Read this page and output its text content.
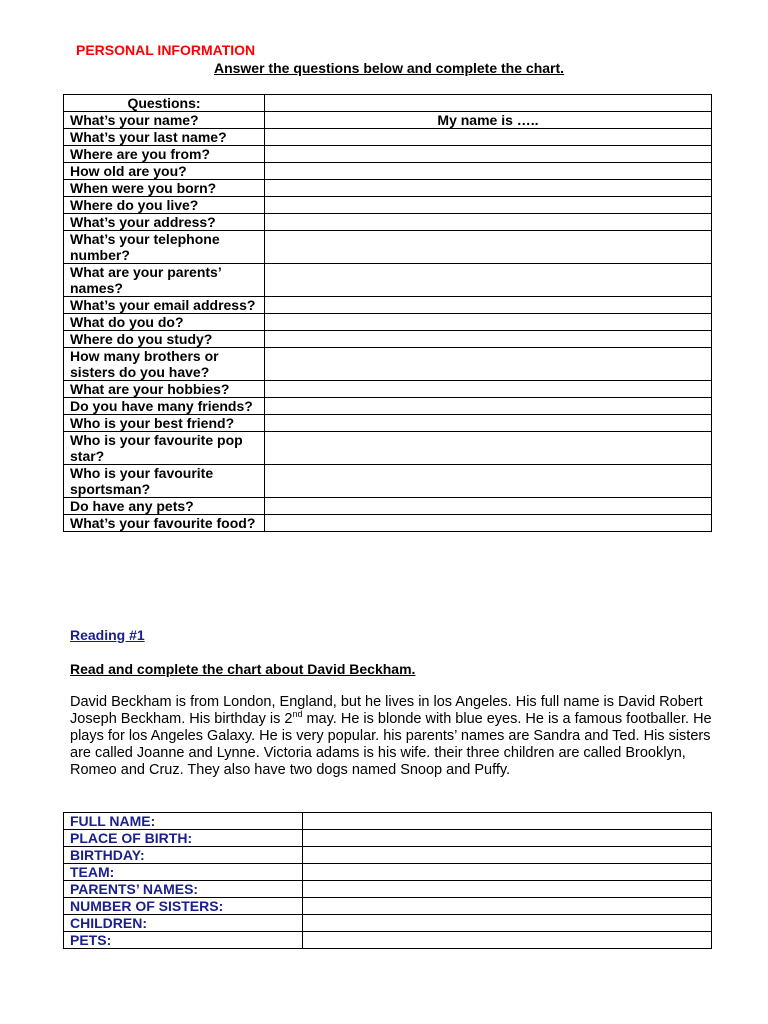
PERSONAL INFORMATION

Answer the questions below and complete the chart.

Questions:	
What’s your name?	My name is …..
What’s your last name?	
Where are you from?	
How old are you?	
When were you born?	
Where do you live?	
What’s your address?	
What’s your telephone number?	
What are your parents’ names?	
What’s your email address?	
What do you do?	
Where do you study?	
How many brothers or sisters do you have?	
What are your hobbies?	
Do you have many friends?	
Who is your best friend?	
Who is your favourite pop star?	
Who is your favourite sportsman?	
Do have any pets?	
What’s your favourite food?	
Reading #1

Read and complete the chart about David Beckham.

David Beckham is from London, England, but he lives in los Angeles. His full name is David Robert Joseph Beckham. His birthday is 2nd may. He is blonde with blue eyes. He is a famous footballer. He plays for los Angeles Galaxy. He is very popular. his parents’ names are Sandra and Ted. His sisters are called Joanne and Lynne. Victoria adams is his wife. their three children are called Brooklyn, Romeo and Cruz. They also have two dogs named Snoop and Puffy.

FULL NAME:	
PLACE OF BIRTH:	
BIRTHDAY:	
TEAM:	
PARENTS’ NAMES:	
NUMBER OF SISTERS:	
CHILDREN:	
PETS:	
